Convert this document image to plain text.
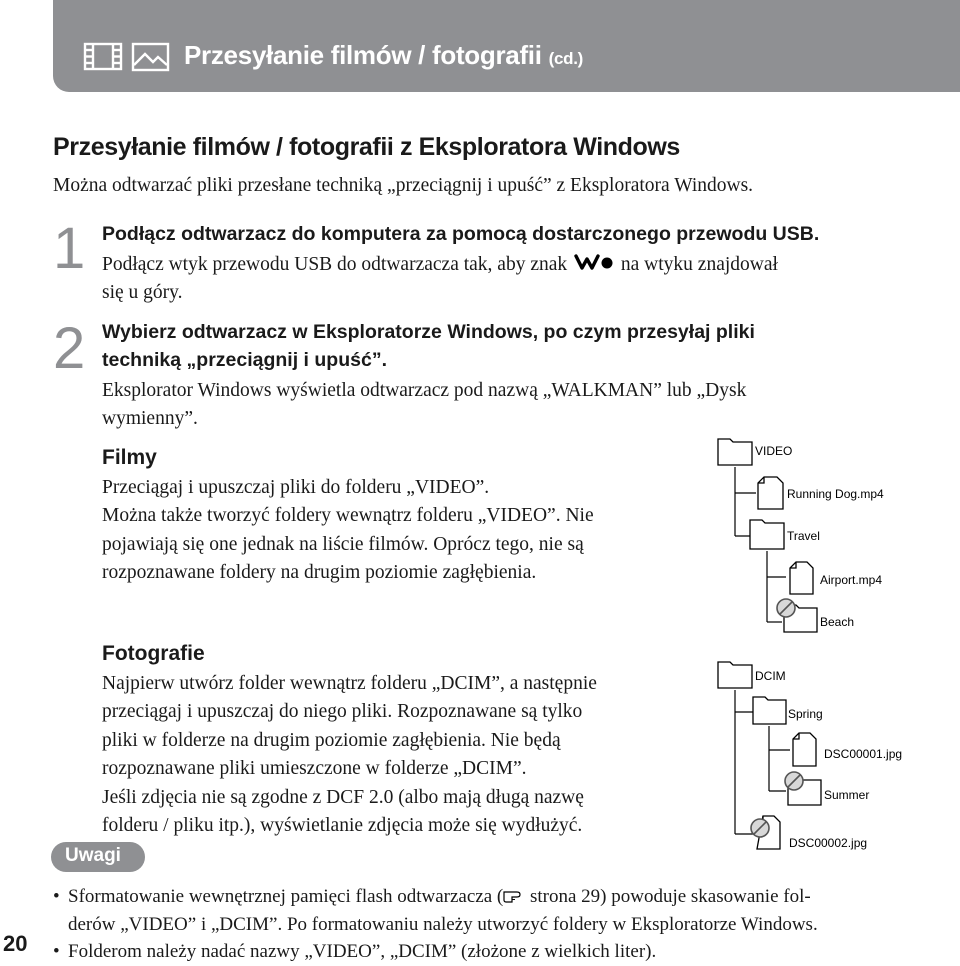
Przesyłanie filmów / fotografii (cd.)
Przesyłanie filmów / fotografii z Eksploratora Windows
Można odtwarzać pliki przesłane techniką „przeciągnij i upuść” z Eksploratora Windows.
1 Podłącz odtwarzacz do komputera za pomocą dostarczonego przewodu USB.
Podłącz wtyk przewodu USB do odtwarzacza tak, aby znak	na wtyku znajdował
się u góry.
2 Wybierz odtwarzacz w Eksploratorze Windows, po czym przesyłaj pliki
techniką „przeciągnij i upuść”.
Eksplorator Windows wyświetla odtwarzacz pod nazwą „WALKMAN” lub „Dysk
wymienny”.
Filmy
Przeciągaj i upuszczaj pliki do folderu „VIDEO”.
Można także tworzyć foldery wewnątrz folderu „VIDEO”. Nie
pojawiają się one jednak na liście filmów. Oprócz tego, nie są
rozpoznawane foldery na drugim poziomie zagłębienia.
VIDEO
Running Dog.mp4
Travel
Airport.mp4
Beach
Fotografie
Najpierw utwórz folder wewnątrz folderu „DCIM”, a następnie
przeciągaj i upuszczaj do niego pliki. Rozpoznawane są tylko
pliki w folderze na drugim poziomie zagłębienia. Nie będą
rozpoznawane pliki umieszczone w folderze „DCIM”.
Jeśli zdjęcia nie są zgodne z DCF 2.0 (albo mają długą nazwę
folderu / pliku itp.), wyświetlanie zdjęcia może się wydłużyć.
DCIM
Spring
DSC00001.jpg
Summer
DSC00002.jpg
Uwagi
• Sformatowanie wewnętrznej pamięci flash odtwarzacza ( strona 29) powoduje skasowanie fol-
derów „VIDEO” i „DCIM”. Po formatowaniu należy utworzyć foldery w Eksploratorze Windows.
• Folderom należy nadać nazwy „VIDEO”, „DCIM” (złożone z wielkich liter).
20
